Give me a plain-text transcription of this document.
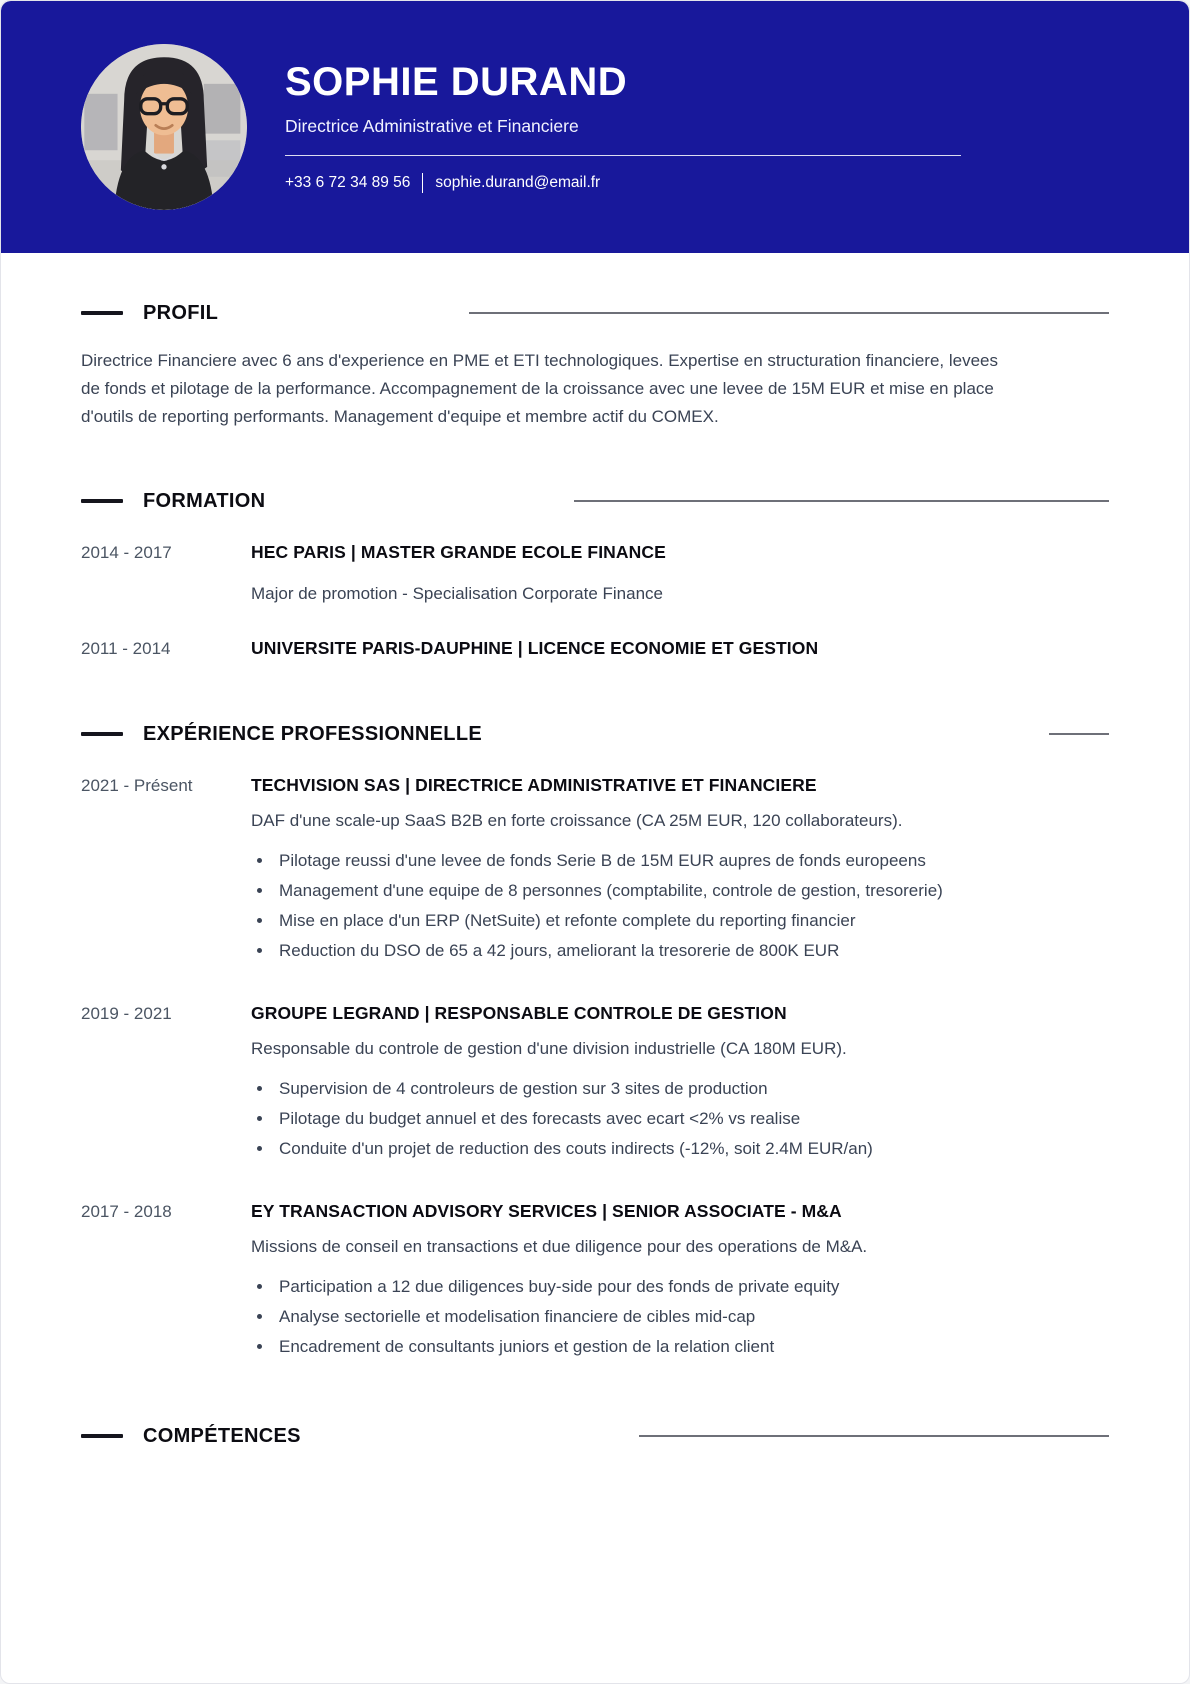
SOPHIE DURAND
Directrice Administrative et Financiere
+33 6 72 34 89 56 sophie.durand@email.fr
PROFIL
Directrice Financiere avec 6 ans d'experience en PME et ETI technologiques. Expertise en structuration financiere, levees de fonds et pilotage de la performance. Accompagnement de la croissance avec une levee de 15M EUR et mise en place d'outils de reporting performants. Management d'equipe et membre actif du COMEX.
FORMATION
2014 - 2017	HEC PARIS | MASTER GRANDE ECOLE FINANCE
Major de promotion - Specialisation Corporate Finance
2011 - 2014	UNIVERSITE PARIS-DAUPHINE | LICENCE ECONOMIE ET GESTION
EXPÉRIENCE PROFESSIONNELLE
2021 - Présent	TECHVISION SAS | DIRECTRICE ADMINISTRATIVE ET FINANCIERE
DAF d'une scale-up SaaS B2B en forte croissance (CA 25M EUR, 120 collaborateurs).
Pilotage reussi d'une levee de fonds Serie B de 15M EUR aupres de fonds europeens
Management d'une equipe de 8 personnes (comptabilite, controle de gestion, tresorerie)
Mise en place d'un ERP (NetSuite) et refonte complete du reporting financier
Reduction du DSO de 65 a 42 jours, ameliorant la tresorerie de 800K EUR
2019 - 2021	GROUPE LEGRAND | RESPONSABLE CONTROLE DE GESTION
Responsable du controle de gestion d'une division industrielle (CA 180M EUR).
Supervision de 4 controleurs de gestion sur 3 sites de production
Pilotage du budget annuel et des forecasts avec ecart <2% vs realise
Conduite d'un projet de reduction des couts indirects (-12%, soit 2.4M EUR/an)
2017 - 2018	EY TRANSACTION ADVISORY SERVICES | SENIOR ASSOCIATE - M&A
Missions de conseil en transactions et due diligence pour des operations de M&A.
Participation a 12 due diligences buy-side pour des fonds de private equity
Analyse sectorielle et modelisation financiere de cibles mid-cap
Encadrement de consultants juniors et gestion de la relation client
COMPÉTENCES
